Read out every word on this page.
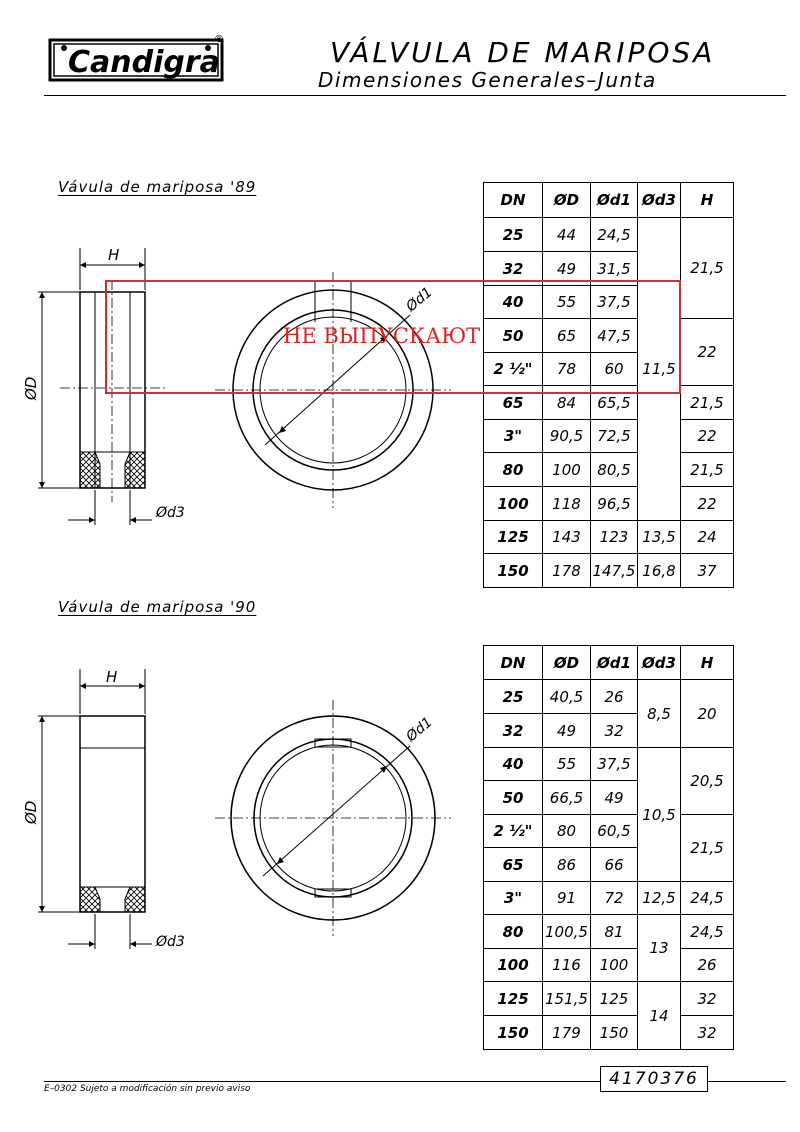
Candigra
®	VÁLVULA DE MARIPOSA
Dimensiones Generales–Junta
Vávula de mariposa '89
H
ØD
Ød3
Ød1
DN	ØD	Ød1	Ød3	H
25	44	24,5	11,5	21,5
32	49	31,5		
40	55	37,5		
50	65	47,5		22
2 ½"	78	60		
65	84	65,5		21,5
3"	90,5	72,5		22
80	100	80,5		21,5
100	118	96,5		22
125	143	123	13,5	24
150	178	147,5	16,8	37
НЕ ВЫПУСКАЮТ
Vávula de mariposa '90
H
ØD
Ød3
Ød1
DN	ØD	Ød1	Ød3	H
25	40,5	26	8,5	20
32	49	32		
40	55	37,5	10,5	20,5
50	66,5	49		
2 ½"	80	60,5		21,5
65	86	66		
3"	91	72	12,5	24,5
80	100,5	81	13	24,5
100	116	100		26
125	151,5	125	14	32
150	179	150		32
E–0302 Sujeto a modificación sin previo aviso	4170376
